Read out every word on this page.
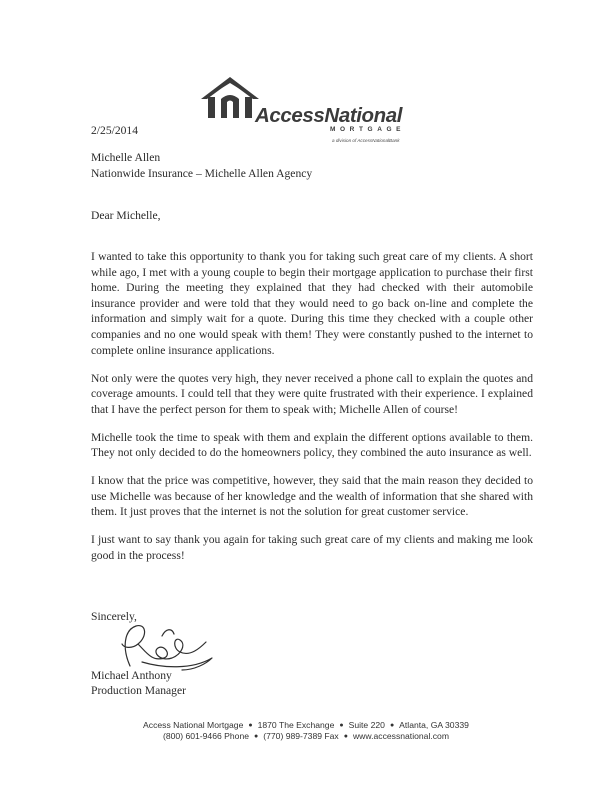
AccessNational
MORTGAGE
a division of AccessNationalBank
2/25/2014
Michelle Allen
Nationwide Insurance – Michelle Allen Agency
Dear Michelle,

I wanted to take this opportunity to thank you for taking such great care of my clients. A short while ago, I met with a young couple to begin their mortgage application to purchase their first home. During the meeting they explained that they had checked with their automobile insurance provider and were told that they would need to go back on-line and complete the information and simply wait for a quote. During this time they checked with a couple other companies and no one would speak with them! They were constantly pushed to the internet to complete online insurance applications.

Not only were the quotes very high, they never received a phone call to explain the quotes and coverage amounts. I could tell that they were quite frustrated with their experience. I explained that I have the perfect person for them to speak with; Michelle Allen of course!

Michelle took the time to speak with them and explain the different options available to them. They not only decided to do the homeowners policy, they combined the auto insurance as well.

I know that the price was competitive, however, they said that the main reason they decided to use Michelle was because of her knowledge and the wealth of information that she shared with them. It just proves that the internet is not the solution for great customer service.

I just want to say thank you again for taking such great care of my clients and making me look good in the process!

Sincerely,
Michael Anthony
Production Manager
Access National Mortgage ● 1870 The Exchange ● Suite 220 ● Atlanta, GA 30339
(800) 601-9466 Phone ● (770) 989-7389 Fax ● www.accessnational.com
